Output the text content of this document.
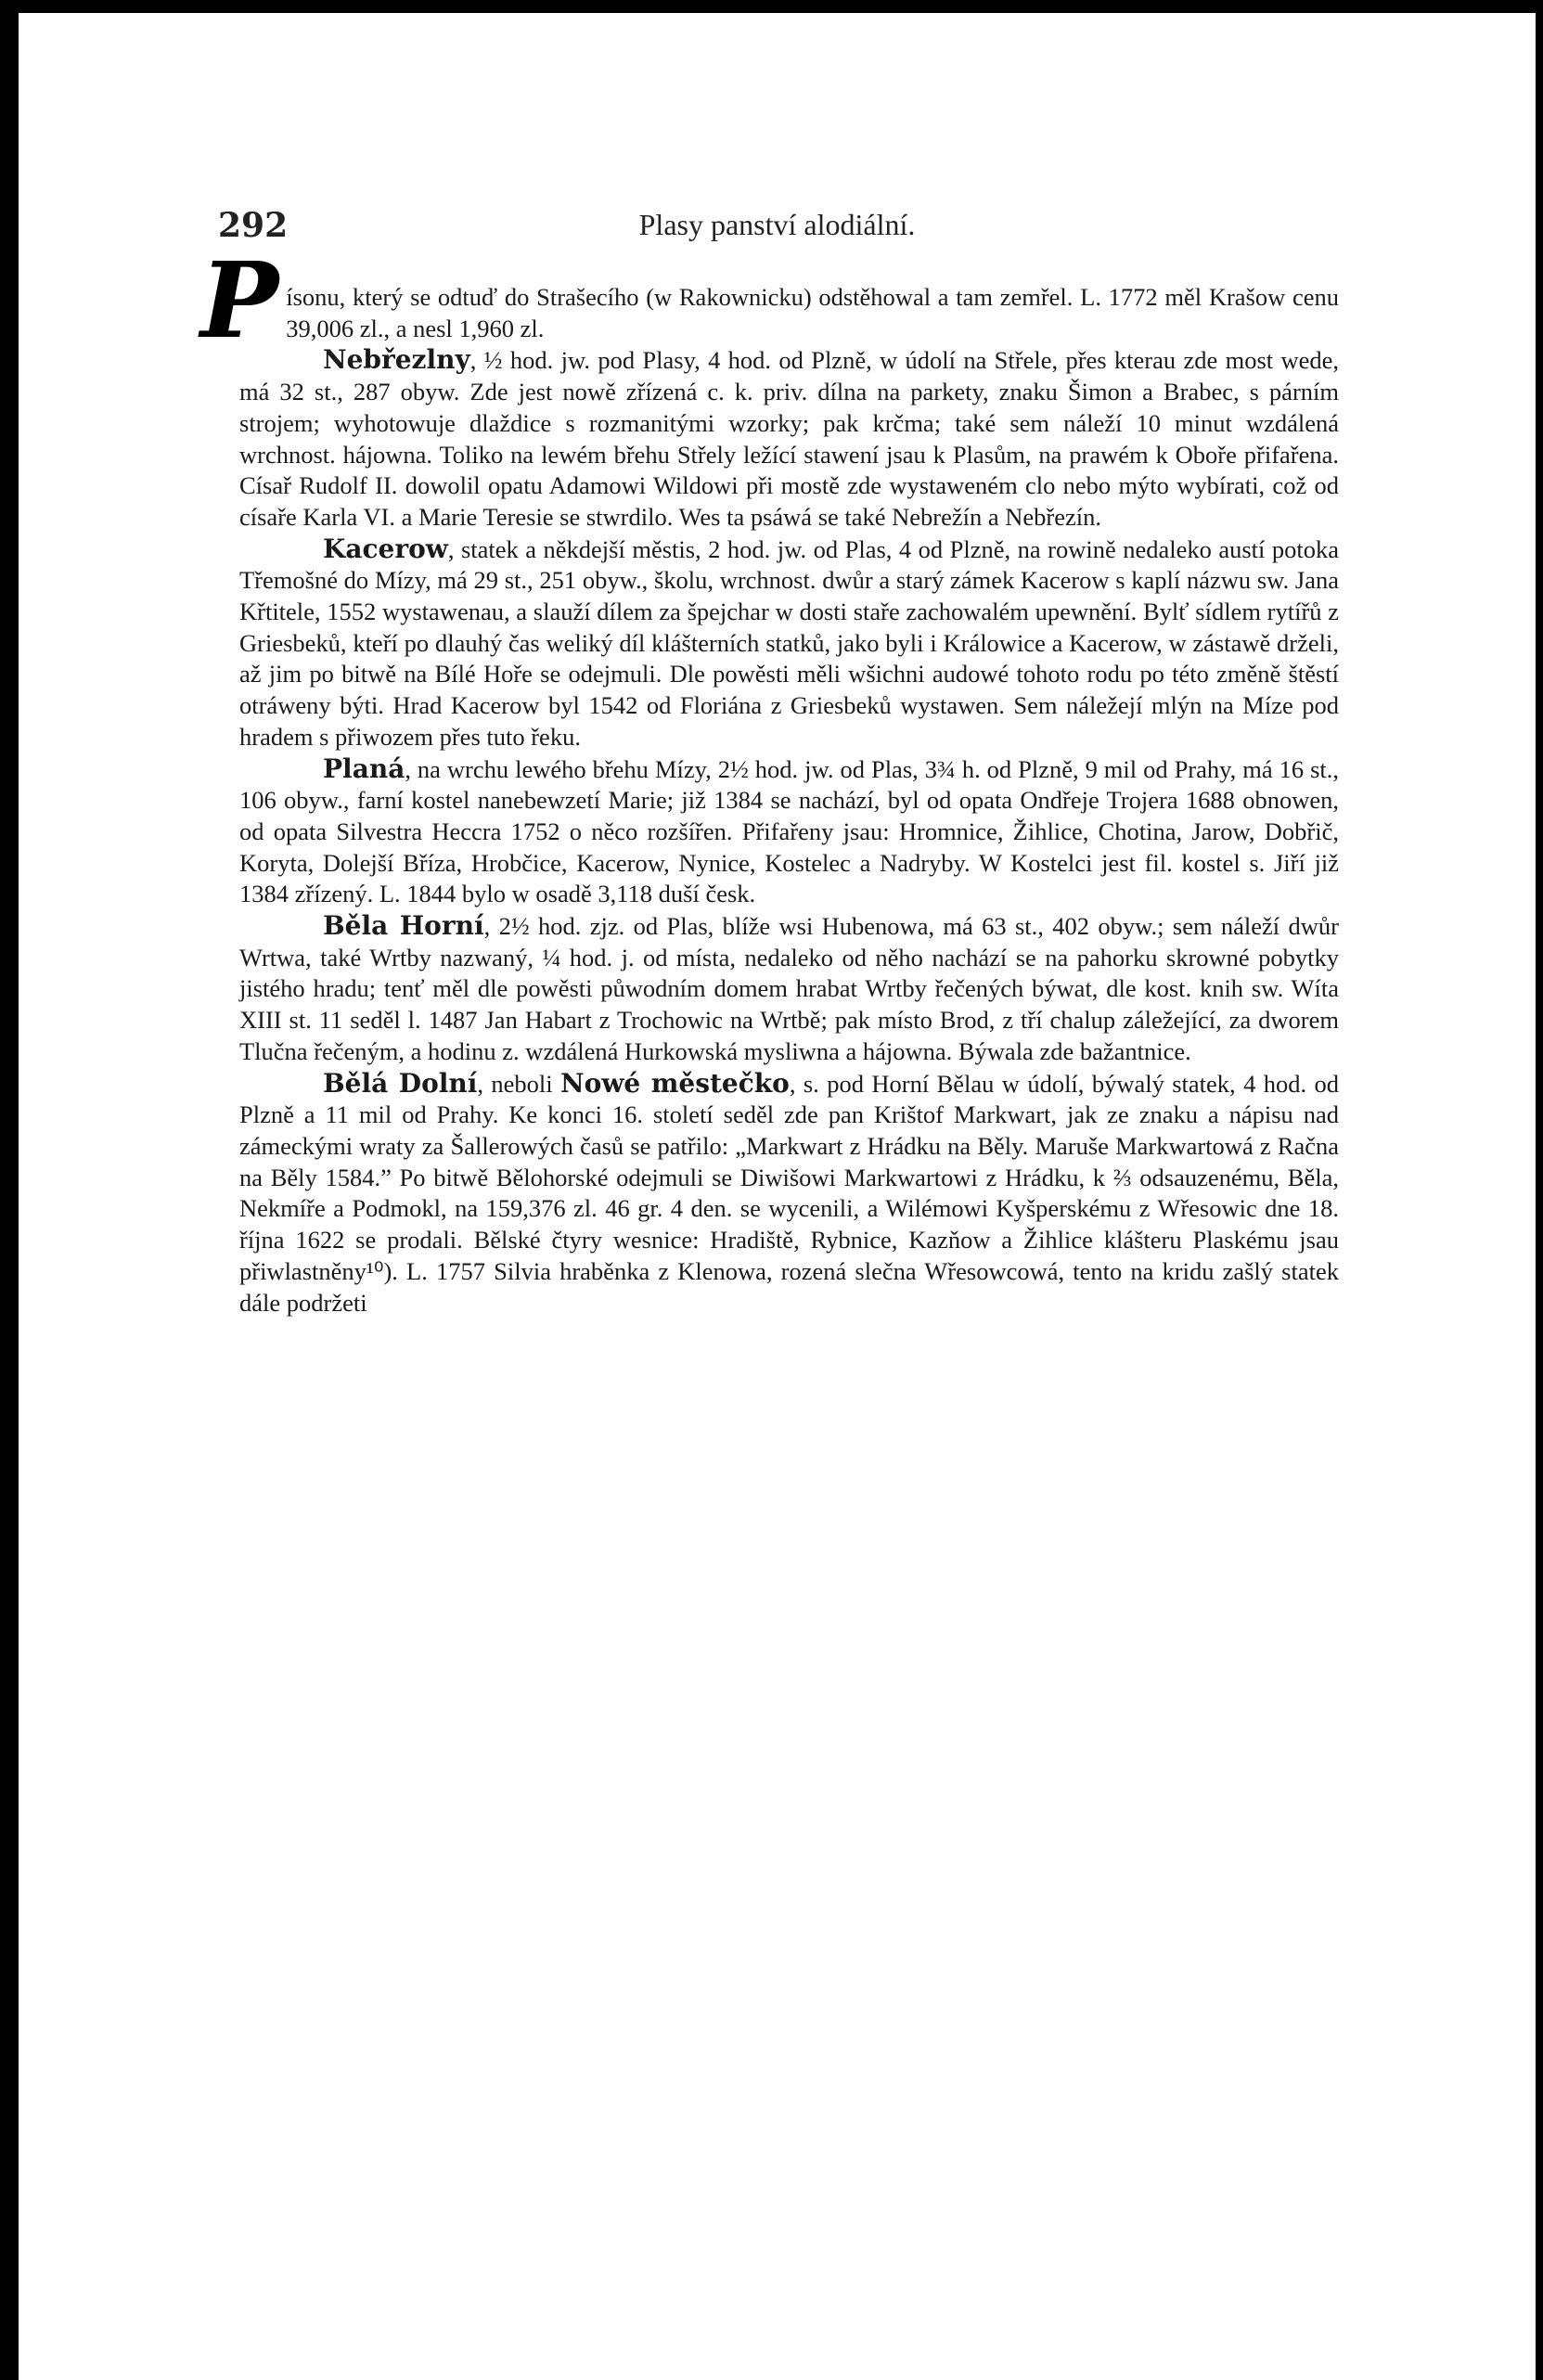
292	Plasy panství alodiální.

Písonu, který se odtuď do Strašecího (w Rakownicku) odstěhowal a tam zemřel. L. 1772 měl Krašow cenu 39,006 zl., a nesl 1,960 zl.

Nebřezlny, ½ hod. jw. pod Plasy, 4 hod. od Plzně, w údolí na Střele, přes kterau zde most wede, má 32 st., 287 obyw. Zde jest nowě zřízená c. k. priv. dílna na parkety, znaku Šimon a Brabec, s párním strojem; wyhotowuje dlaždice s rozmanitými wzorky; pak krčma; také sem náleží 10 minut wzdálená wrchnost. hájowna. Toliko na lewém břehu Střely ležící stawení jsau k Plasům, na prawém k Oboře přifařena. Císař Rudolf II. dowolil opatu Adamowi Wildowi při mostě zde wystaweném clo nebo mýto wybírati, což od císaře Karla VI. a Marie Teresie se stwrdilo. Wes ta psáwá se také Nebrežín a Nebřezín.

Kacerow, statek a někdejší městis, 2 hod. jw. od Plas, 4 od Plzně, na rowině nedaleko austí potoka Třemošné do Mízy, má 29 st., 251 obyw., školu, wrchnost. dwůr a starý zámek Kacerow s kaplí názwu sw. Jana Křtitele, 1552 wystawenau, a slauží dílem za špejchar w dosti staře zachowalém upewnění. Bylť sídlem rytířů z Griesbeků, kteří po dlauhý čas weliký díl klášterních statků, jako byli i Králowice a Kacerow, w zástawě drželi, až jim po bitwě na Bílé Hoře se odejmuli. Dle powěsti měli wšichni audowé tohoto rodu po této změně štěstí otráweny býti. Hrad Kacerow byl 1542 od Floriána z Griesbeků wystawen. Sem náležejí mlýn na Míze pod hradem s přiwozem přes tuto řeku.

Planá, na wrchu lewého břehu Mízy, 2½ hod. jw. od Plas, 3¾ h. od Plzně, 9 mil od Prahy, má 16 st., 106 obyw., farní kostel nanebewzetí Marie; již 1384 se nachází, byl od opata Ondřeje Trojera 1688 obnowen, od opata Silvestra Heccra 1752 o něco rozšířen. Přifařeny jsau: Hromnice, Žihlice, Chotina, Jarow, Dobřič, Koryta, Dolejší Bříza, Hrobčice, Kacerow, Nynice, Kostelec a Nadryby. W Kostelci jest fil. kostel s. Jiří již 1384 zřízený. L. 1844 bylo w osadě 3,118 duší česk.

Běla Horní, 2½ hod. zjz. od Plas, blíže wsi Hubenowa, má 63 st., 402 obyw.; sem náleží dwůr Wrtwa, také Wrtby nazwaný, ¼ hod. j. od místa, nedaleko od něho nachází se na pahorku skrowné pobytky jistého hradu; tenť měl dle powěsti půwodním domem hrabat Wrtby řečených býwat, dle kost. knih sw. Wíta XIII st. 11 seděl l. 1487 Jan Habart z Trochowic na Wrtbě; pak místo Brod, z tří chalup záležející, za dworem Tlučna řečeným, a hodinu z. wzdálená Hurkowská mysliwna a hájowna. Býwala zde bažantnice.

Bělá Dolní, neboli Nowé městečko, s. pod Horní Bělau w údolí, býwalý statek, 4 hod. od Plzně a 11 mil od Prahy. Ke konci 16. století seděl zde pan Krištof Markwart, jak ze znaku a nápisu nad zámeckými wraty za Šallerowých časů se patřilo: „Markwart z Hrádku na Běly. Maruše Markwartowá z Račna na Běly 1584.” Po bitwě Bělohorské odejmuli se Diwišowi Markwartowi z Hrádku, k ⅔ odsauzenému, Běla, Nekmíře a Podmokl, na 159,376 zl. 46 gr. 4 den. se wycenili, a Wilémowi Kyšperskému z Wřesowic dne 18. října 1622 se prodali. Bělské čtyry wesnice: Hradiště, Rybnice, Kazňow a Žihlice klášteru Plaskému jsau přiwlastněny¹⁰). L. 1757 Silvia hraběnka z Klenowa, rozená slečna Wřesowcowá, tento na kridu zašlý statek dále podržeti
